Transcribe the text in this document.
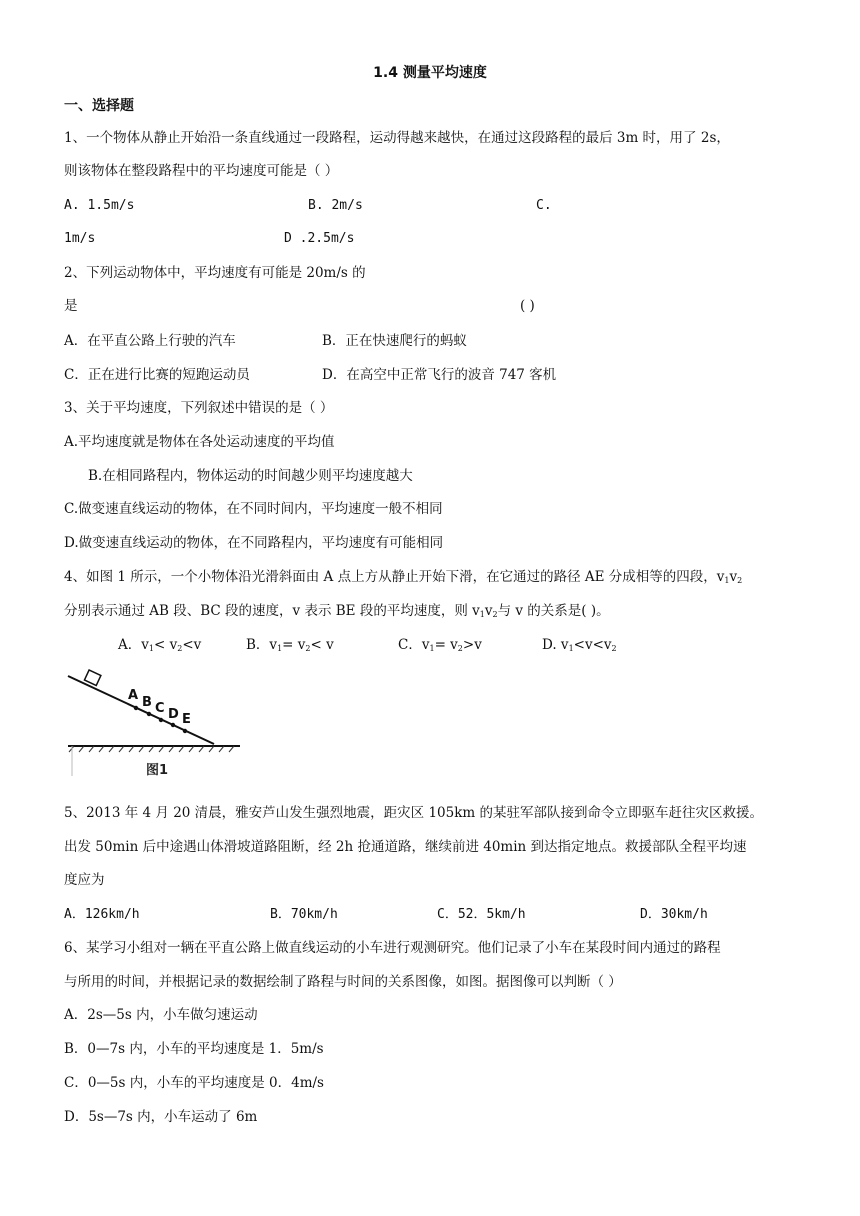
1.4 测量平均速度
一、选择题
1、一个物体从静止开始沿一条直线通过一段路程，运动得越来越快，在通过这段路程的最后 3m 时，用了 2s，
则该物体在整段路程中的平均速度可能是（ ）
A. 1.5m/s	B. 2m/s	C.
1m/s	D .2.5m/s
2、下列运动物体中，平均速度有可能是 20m/s 的
是	( )
A．在平直公路上行驶的汽车	B．正在快速爬行的蚂蚁
C．正在进行比赛的短跑运动员	D．在高空中正常飞行的波音 747 客机
3、关于平均速度，下列叙述中错误的是（ ）
A.平均速度就是物体在各处运动速度的平均值
B.在相同路程内，物体运动的时间越少则平均速度越大
C.做变速直线运动的物体，在不同时间内，平均速度一般不相同
D.做变速直线运动的物体，在不同路程内，平均速度有可能相同
4、如图 1 所示，一个小物体沿光滑斜面由 A 点上方从静止开始下滑，在它通过的路径 AE 分成相等的四段，$v_1v_2$
分别表示通过 AB 段、BC 段的速度，v 表示 BE 段的平均速度，则 $v_1v_2$与 v 的关系是( )。
A．$v_1< v_2<v$	B．$v_1= v_2< v$	C．$v_1= v_2>v$	D. $v_1<v<v_2$
A B C D E
图1
5、2013 年 4 月 20 清晨，雅安芦山发生强烈地震，距灾区 105km 的某驻军部队接到命令立即驱车赶往灾区救援。
出发 50min 后中途遇山体滑坡道路阻断，经 2h 抢通道路，继续前进 40min 到达指定地点。救援部队全程平均速
度应为
A．126km/h	B．70km/h	C．52．5km/h	D．30km/h
6、某学习小组对一辆在平直公路上做直线运动的小车进行观测研究。他们记录了小车在某段时间内通过的路程
与所用的时间，并根据记录的数据绘制了路程与时间的关系图像，如图。据图像可以判断（ ）
A．2s—5s 内，小车做匀速运动
B．0—7s 内，小车的平均速度是 1．5m/s
C．0—5s 内，小车的平均速度是 0．4m/s
D．5s—7s 内，小车运动了 6m
